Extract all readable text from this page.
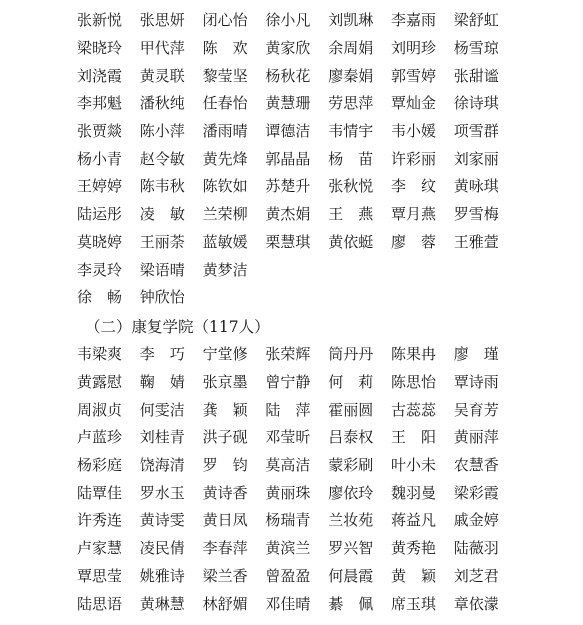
张新悦	张思妍	闭心怡	徐小凡	刘凯琳	李嘉雨	梁舒虹
梁晓玲	甲代萍	陈 欢	黄家欣	余周娟	刘明珍	杨雪琼
刘浇霞	黄灵联	黎莹坚	杨秋花	廖秦娟	郭雪婷	张甜谧
李邦魁	潘秋纯	任春怡	黄慧珊	劳思萍	覃灿金	徐诗琪
张贾燚	陈小萍	潘雨晴	谭德洁	韦情宇	韦小媛	项雪群
杨小青	赵令敏	黄先烽	郭晶晶	杨 苗	许彩丽	刘家丽
王婷婷	陈韦秋	陈钦如	苏楚升	张秋悦	李 纹	黄咏琪
陆运彤	凌 敏	兰荣柳	黄杰娟	王 燕	覃月燕	罗雪梅
莫晓婷	王丽荼	蓝敏媛	栗慧琪	黄依蜓	廖 蓉	王雅萱
李灵玲	梁语晴	黄梦洁
徐 畅	钟欣怡
（二）康复学院（117人）
韦梁爽	李 巧	宁堂修	张荣辉	筒丹丹	陈果冉	廖 瑾
黄露慰	鞠 婧	张京墨	曾宁静	何 莉	陈思怡	覃诗雨
周淑贞	何雯洁	龚 颖	陆 萍	霍丽圆	古蕊蕊	吴育芳
卢蓝珍	刘桂青	洪子砚	邓莹昕	吕泰权	王 阳	黄丽萍
杨彩庭	饶海清	罗 钧	莫高洁	蒙彩刷	叶小未	农慧香
陆覃佳	罗水玉	黄诗香	黄丽珠	廖依玲	魏羽曼	梁彩霞
许秀连	黄诗雯	黄日凤	杨瑞青	兰妆苑	蒋益凡	戚金婷
卢家慧	凌民倩	李春萍	黄滨兰	罗兴智	黄秀艳	陆薇羽
覃思莹	姚雅诗	梁兰香	曾盈盈	何晨霞	黄 颖	刘芝君
陆思语	黄琳慧	林舒媚	邓佳晴	綦 佩	席玉琪	章依濛
